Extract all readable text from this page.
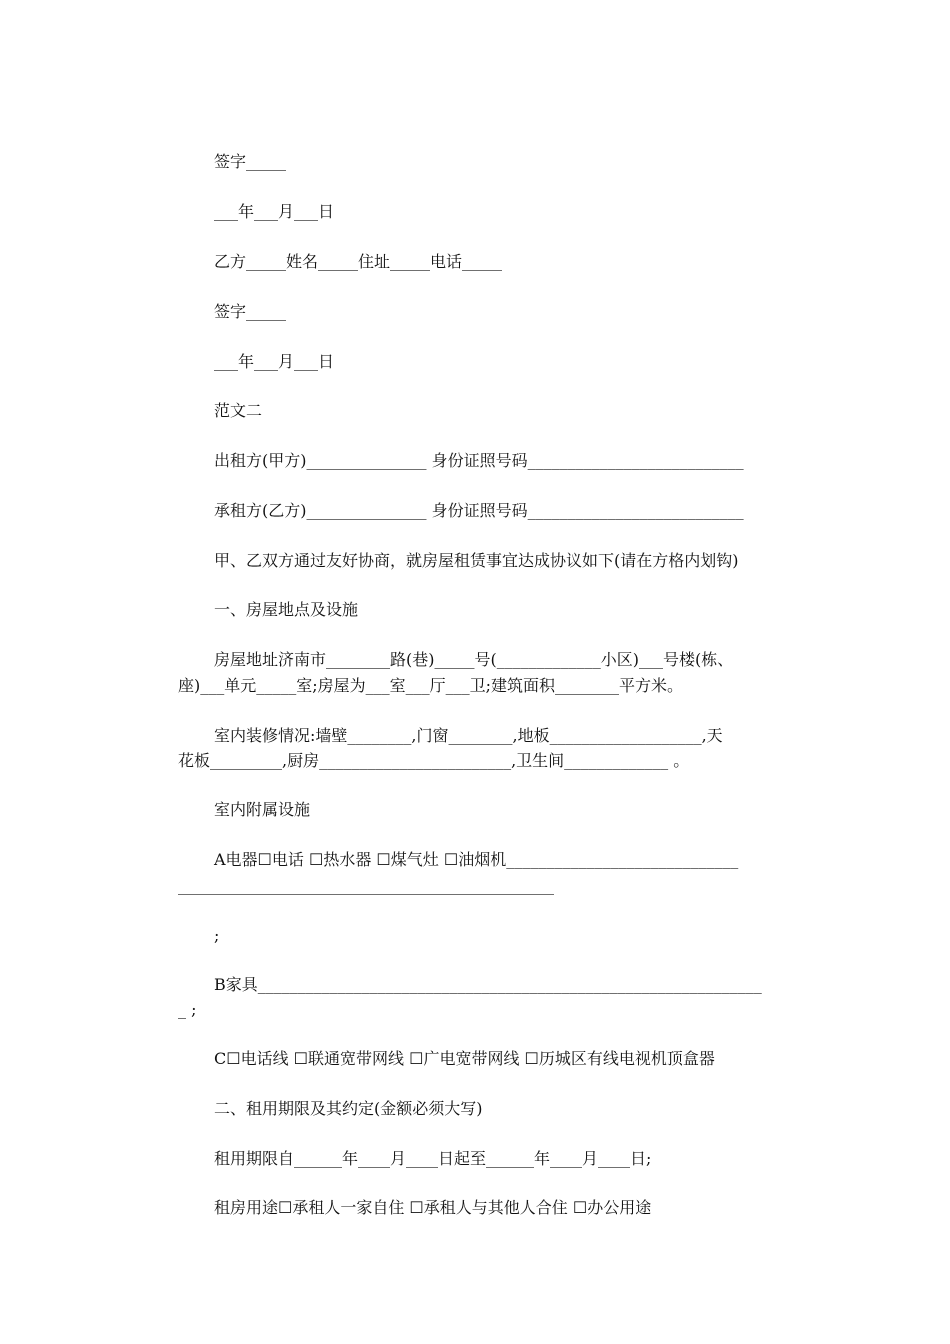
签字_____

___年___月___日

乙方_____姓名_____住址_____电话_____

签字_____

___年___月___日

范文二

出租方(甲方)_______________ 身份证照号码___________________________

承租方(乙方)_______________ 身份证照号码___________________________

甲、乙双方通过友好协商，就房屋租赁事宜达成协议如下(请在方格内划钩)

一、房屋地点及设施

房屋地址济南市________路(巷)_____号(_____________小区)___号楼(栋、

座)___单元_____室;房屋为___室___厅___卫;建筑面积________平方米。

室内装修情况:墙壁________,门窗________,地板___________________,天

花板_________,厨房________________________,卫生间_____________ 。

室内附属设施

A电器☐电话 ☐热水器 ☐煤气灶 ☐油烟机_____________________________

_______________________________________________

;

B家具_______________________________________________________________

_ ;

C☐电话线 ☐联通宽带网线 ☐广电宽带网线 ☐历城区有线电视机顶盒器

二、租用期限及其约定(金额必须大写)

租用期限自______年____月____日起至______年____月____日;

租房用途☐承租人一家自住 ☐承租人与其他人合住 ☐办公用途
